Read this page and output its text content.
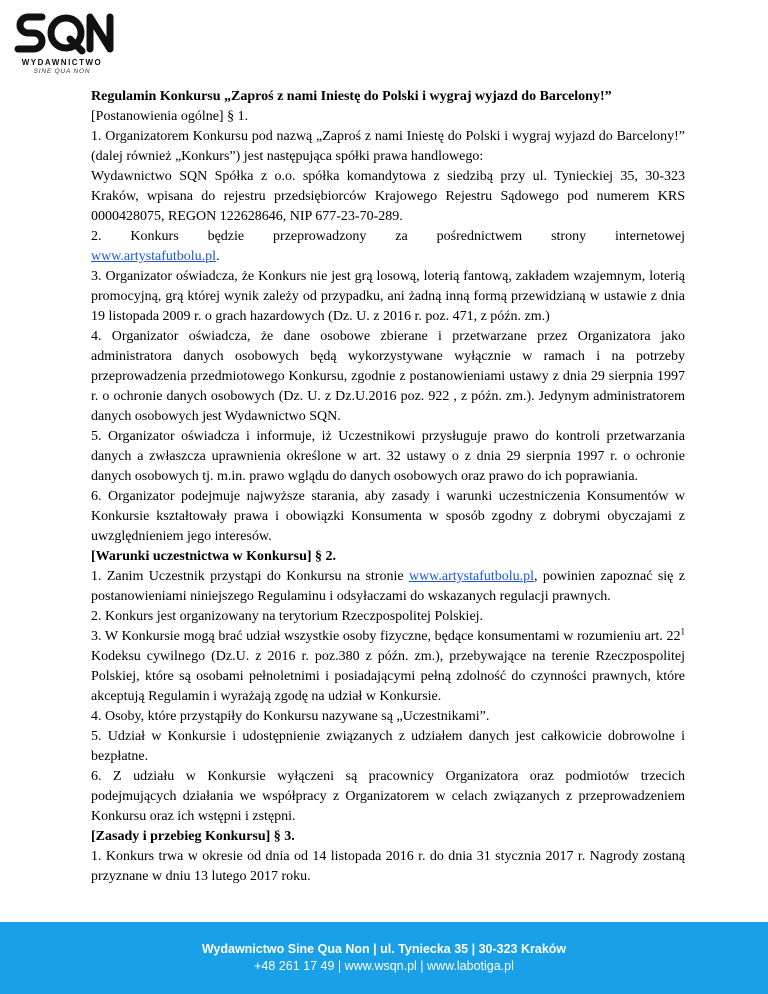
WYDAWNICTWO
SINE QUA NON

Regulamin Konkursu „Zaproś z nami Iniestę do Polski i wygraj wyjazd do Barcelony!”

[Postanowienia ogólne] § 1.

1. Organizatorem Konkursu pod nazwą „Zaproś z nami Iniestę do Polski i wygraj wyjazd do Barcelony!” (dalej również „Konkurs”) jest następująca spółki prawa handlowego:

Wydawnictwo SQN Spółka z o.o. spółka komandytowa z siedzibą przy ul. Tynieckiej 35, 30-323 Kraków, wpisana do rejestru przedsiębiorców Krajowego Rejestru Sądowego pod numerem KRS 0000428075, REGON 122628646, NIP 677-23-70-289.

2. Konkurs będzie przeprowadzony za pośrednictwem strony internetowej

www.artystafutbolu.pl.

3. Organizator oświadcza, że Konkurs nie jest grą losową, loterią fantową, zakładem wzajemnym, loterią promocyjną, grą której wynik zależy od przypadku, ani żadną inną formą przewidzianą w ustawie z dnia 19 listopada 2009 r. o grach hazardowych (Dz. U. z 2016 r. poz. 471, z późn. zm.)

4. Organizator oświadcza, że dane osobowe zbierane i przetwarzane przez Organizatora jako administratora danych osobowych będą wykorzystywane wyłącznie w ramach i na potrzeby przeprowadzenia przedmiotowego Konkursu, zgodnie z postanowieniami ustawy z dnia 29 sierpnia 1997 r. o ochronie danych osobowych (Dz. U. z Dz.U.2016 poz. 922 , z późn. zm.). Jedynym administratorem danych osobowych jest Wydawnictwo SQN.

5. Organizator oświadcza i informuje, iż Uczestnikowi przysługuje prawo do kontroli przetwarzania danych a zwłaszcza uprawnienia określone w art. 32 ustawy o z dnia 29 sierpnia 1997 r. o ochronie danych osobowych tj. m.in. prawo wglądu do danych osobowych oraz prawo do ich poprawiania.

6. Organizator podejmuje najwyższe starania, aby zasady i warunki uczestniczenia Konsumentów w Konkursie kształtowały prawa i obowiązki Konsumenta w sposób zgodny z dobrymi obyczajami z uwzględnieniem jego interesów.

[Warunki uczestnictwa w Konkursu] § 2.

1. Zanim Uczestnik przystąpi do Konkursu na stronie www.artystafutbolu.pl, powinien zapoznać się z postanowieniami niniejszego Regulaminu i odsyłaczami do wskazanych regulacji prawnych.

2. Konkurs jest organizowany na terytorium Rzeczpospolitej Polskiej.

3. W Konkursie mogą brać udział wszystkie osoby fizyczne, będące konsumentami w rozumieniu art. $22^1$ Kodeksu cywilnego (Dz.U. z 2016 r. poz.380 z późn. zm.), przebywające na terenie Rzeczpospolitej Polskiej, które są osobami pełnoletnimi i posiadającymi pełną zdolność do czynności prawnych, które akceptują Regulamin i wyrażają zgodę na udział w Konkursie.

4. Osoby, które przystąpiły do Konkursu nazywane są „Uczestnikami”.

5. Udział w Konkursie i udostępnienie związanych z udziałem danych jest całkowicie dobrowolne i bezpłatne.

6. Z udziału w Konkursie wyłączeni są pracownicy Organizatora oraz podmiotów trzecich podejmujących działania we współpracy z Organizatorem w celach związanych z przeprowadzeniem Konkursu oraz ich wstępni i zstępni.

[Zasady i przebieg Konkursu] § 3.

1. Konkurs trwa w okresie od dnia od 14 listopada 2016 r. do dnia 31 stycznia 2017 r. Nagrody zostaną przyznane w dniu 13 lutego 2017 roku.

Wydawnictwo Sine Qua Non | ul. Tyniecka 35 | 30-323 Kraków
+48 261 17 49 | www.wsqn.pl | www.labotiga.pl
